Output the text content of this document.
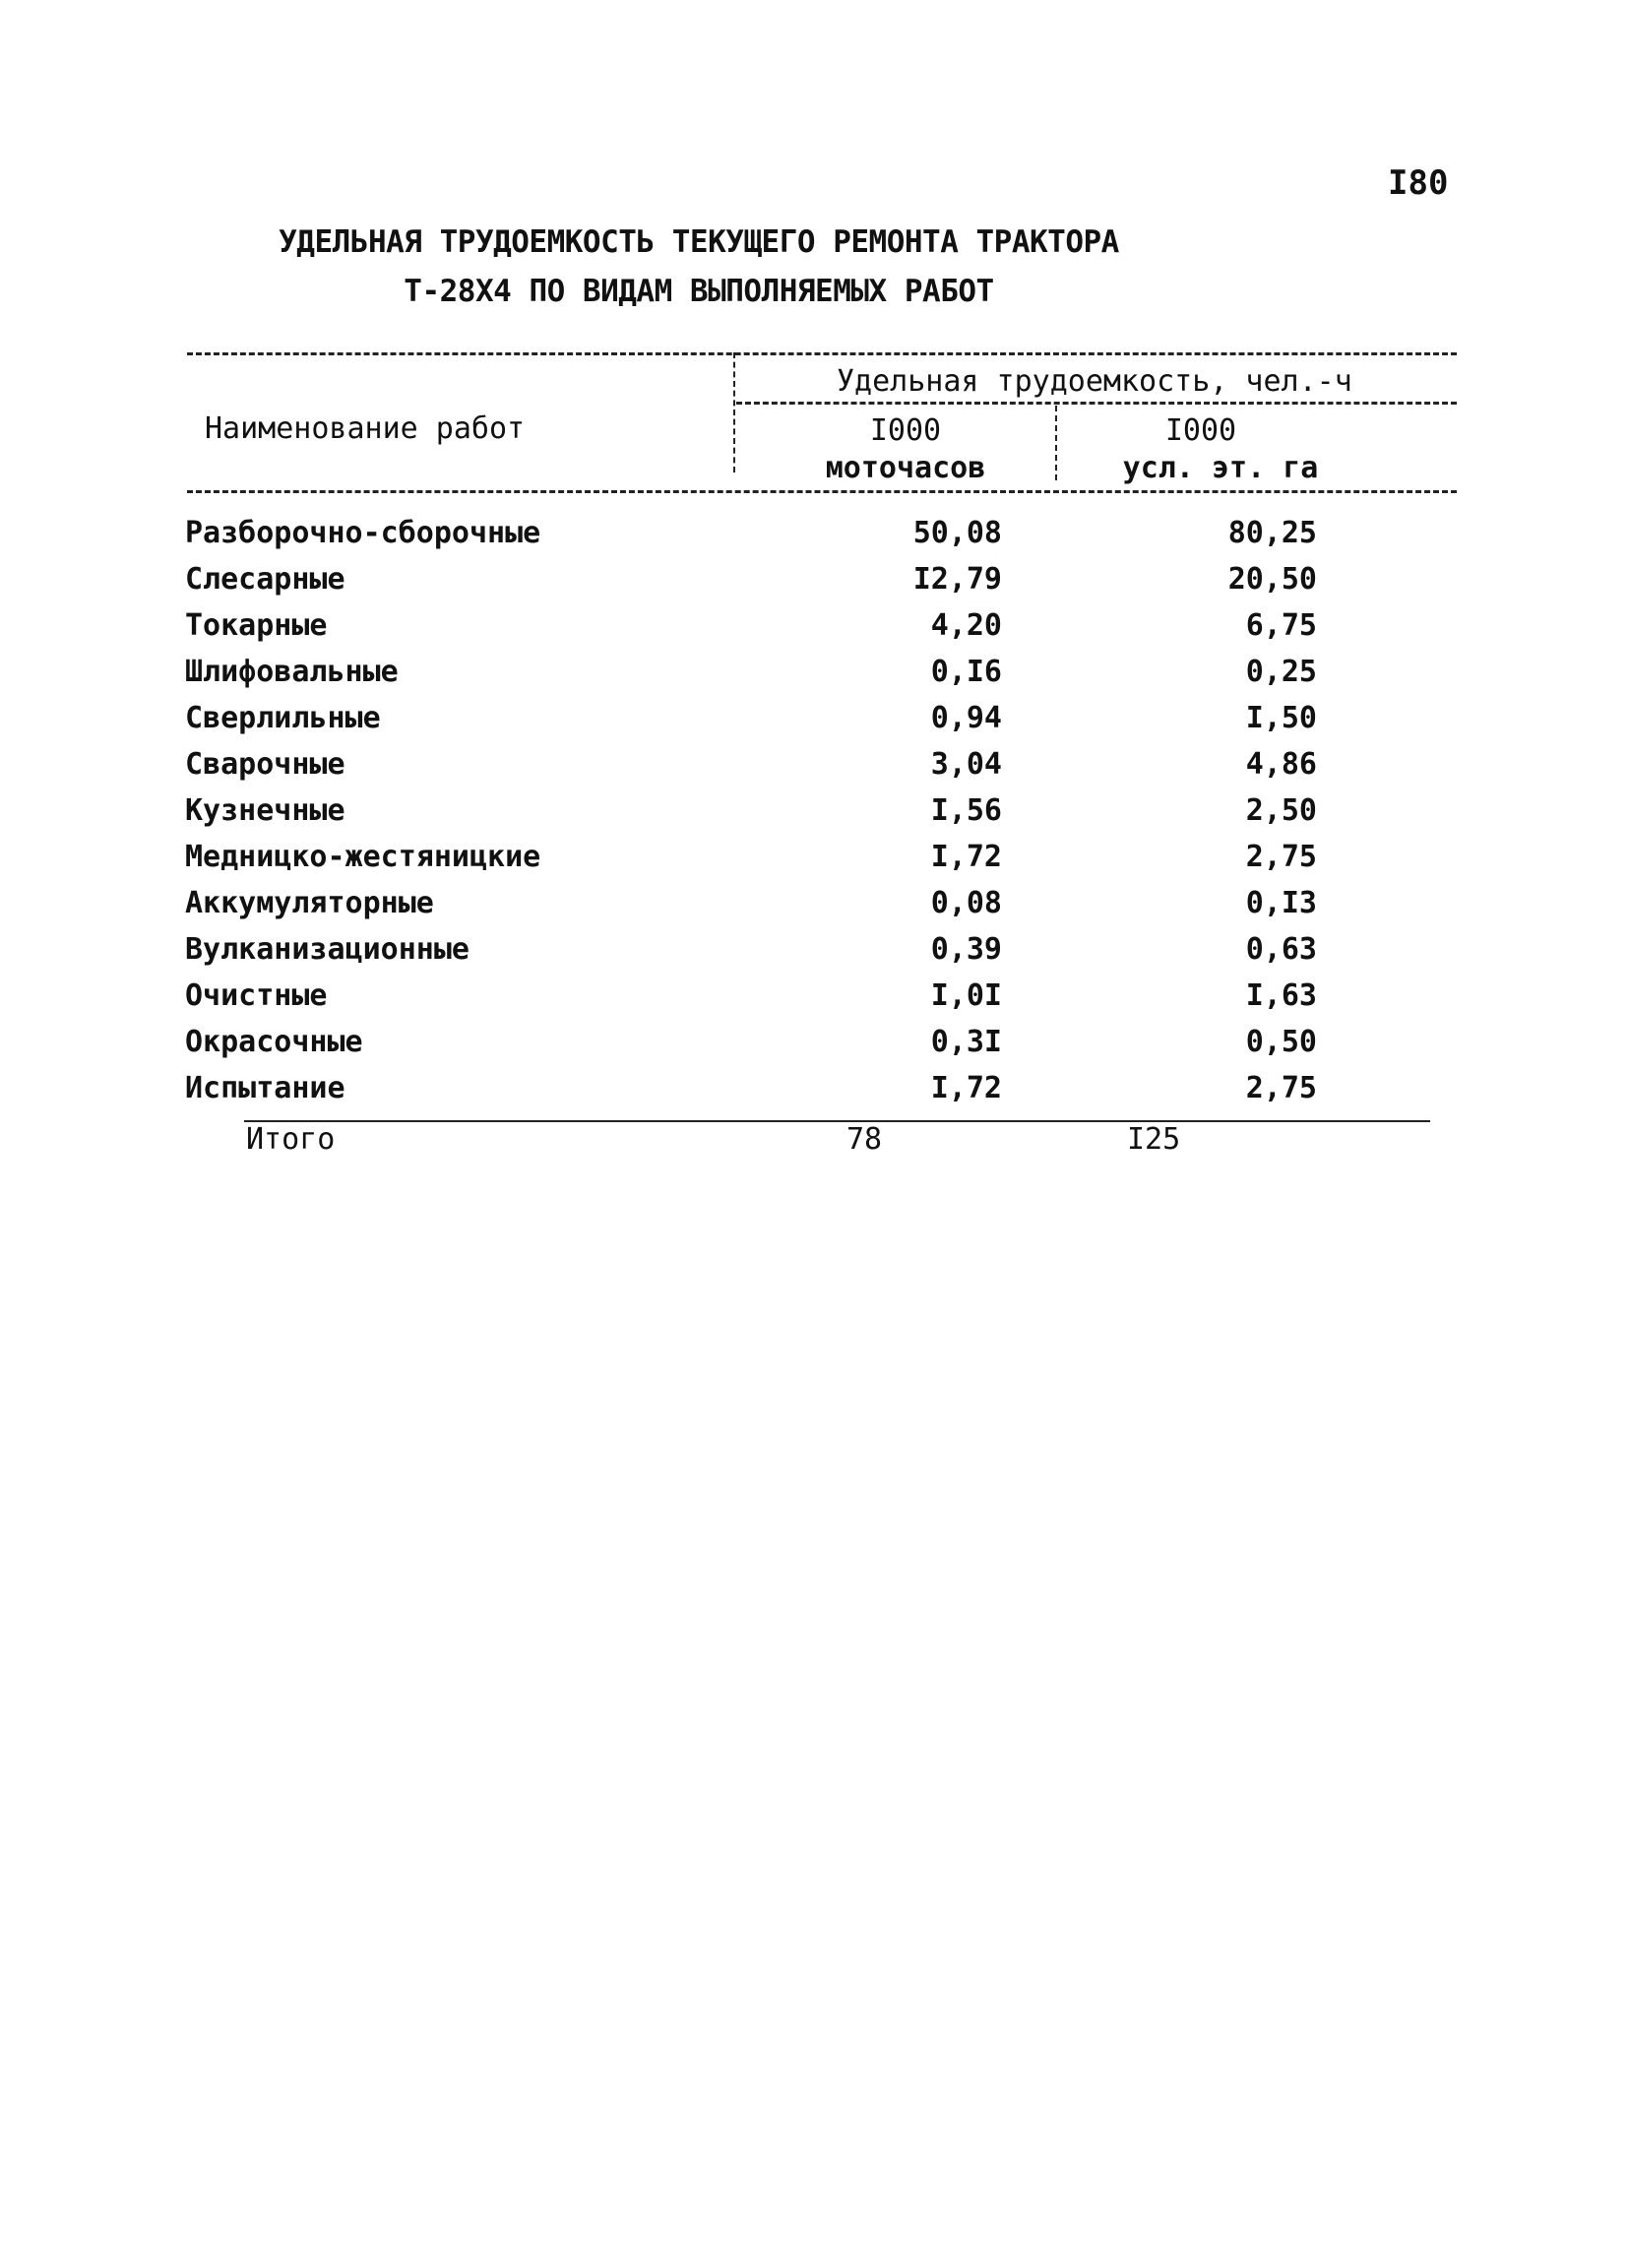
I80
УДЕЛЬНАЯ ТРУДОЕМКОСТЬ ТЕКУЩЕГО РЕМОНТА ТРАКТОРА
Т-28Х4 ПО ВИДАМ ВЫПОЛНЯЕМЫХ РАБОТ
Наименование работ
Удельная трудоемкость, чел.-ч
I000
моточасов
I000
усл. эт. га
Разборочно-сборочные	50,08	80,25
Слесарные	I2,79	20,50
Токарные	4,20	6,75
Шлифовальные	0,I6	0,25
Сверлильные	0,94	I,50
Сварочные	3,04	4,86
Кузнечные	I,56	2,50
Медницко-жестяницкие	I,72	2,75
Аккумуляторные	0,08	0,I3
Вулканизационные	0,39	0,63
Очистные	I,0I	I,63
Окрасочные	0,3I	0,50
Испытание	I,72	2,75
Итого	78	I25
